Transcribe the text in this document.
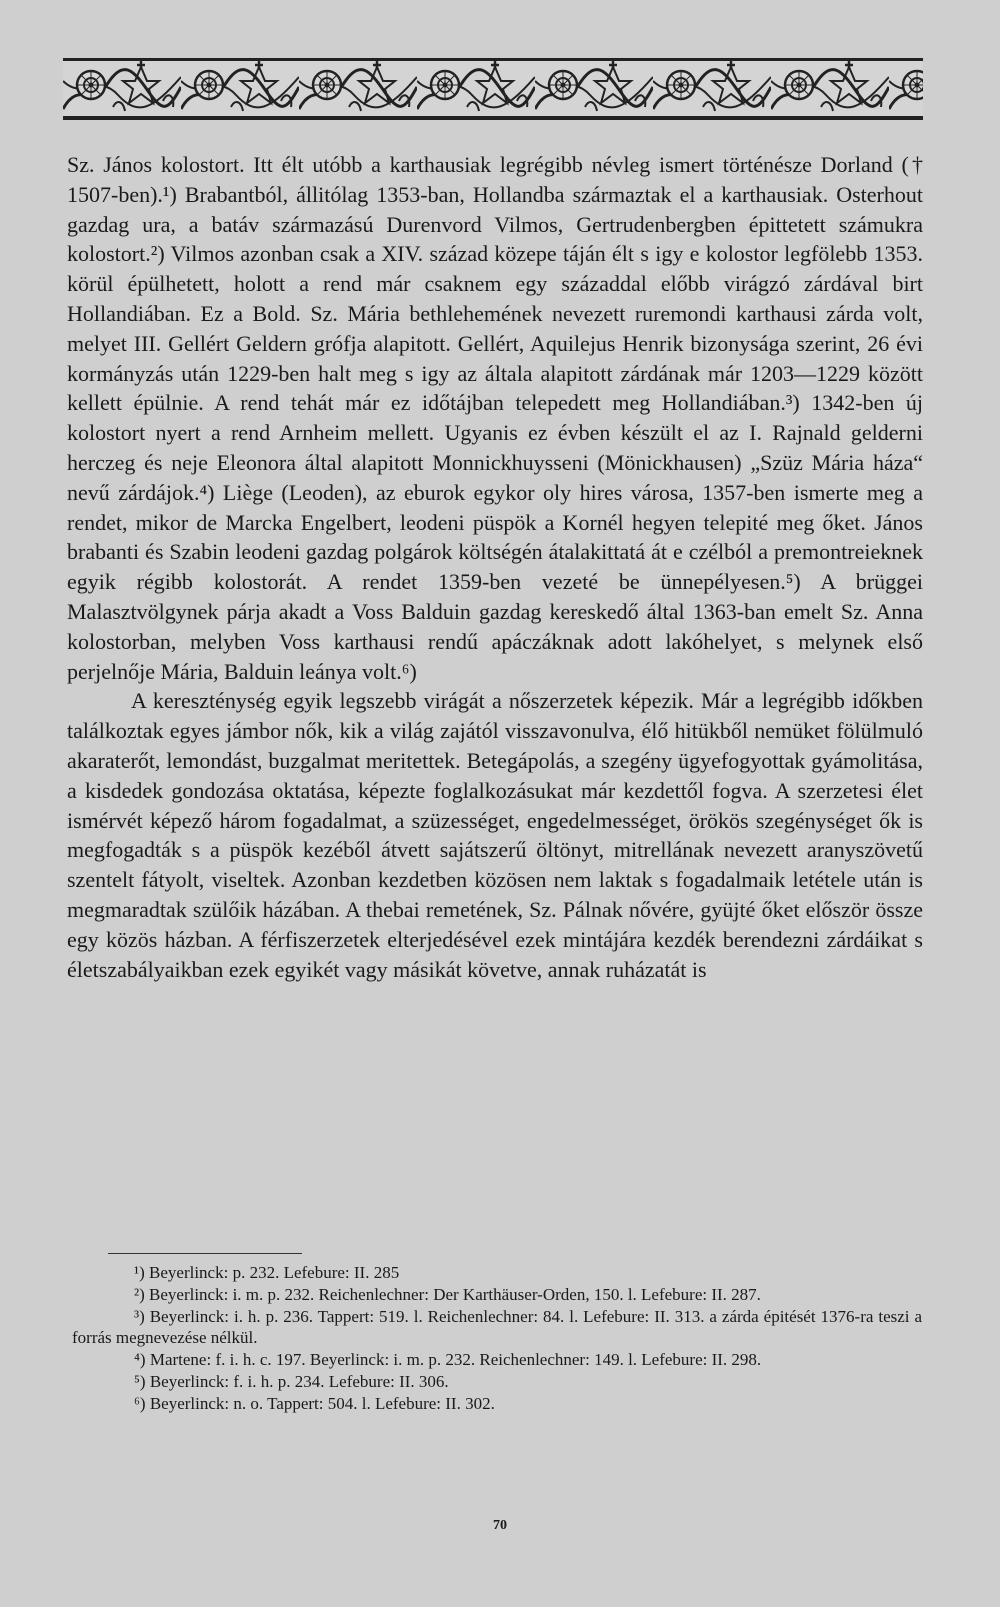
Sz. János kolostort. Itt élt utóbb a karthausiak legrégibb névleg ismert történésze Dorland († 1507-ben).¹) Brabantból, állitólag 1353-ban, Hollandba származtak el a karthausiak. Osterhout gazdag ura, a batáv származású Durenvord Vilmos, Gertrudenbergben épittetett számukra kolostort.²) Vilmos azonban csak a XIV. század közepe táján élt s igy e kolostor legfölebb 1353. körül épülhetett, holott a rend már csaknem egy századdal előbb virágzó zárdával birt Hollandiában. Ez a Bold. Sz. Mária bethlehemének nevezett ruremondi karthausi zárda volt, melyet III. Gellért Geldern grófja alapitott. Gellért, Aquilejus Henrik bizonysága szerint, 26 évi kormányzás után 1229-ben halt meg s igy az általa alapitott zárdának már 1203—1229 között kellett épülnie. A rend tehát már ez időtájban telepedett meg Hollandiában.³) 1342-ben új kolostort nyert a rend Arnheim mellett. Ugyanis ez évben készült el az I. Rajnald gelderni herczeg és neje Eleonora által alapitott Monnickhuysseni (Mönickhausen) „Szüz Mária háza“ nevű zárdájok.⁴) Liège (Leoden), az eburok egykor oly hires városa, 1357-ben ismerte meg a rendet, mikor de Marcka Engelbert, leodeni püspök a Kornél hegyen telepité meg őket. János brabanti és Szabin leodeni gazdag polgárok költségén átalakittatá át e czélból a premontreieknek egyik régibb kolostorát. A rendet 1359-ben vezeté be ünnepélyesen.⁵) A brüggei Malasztvölgynek párja akadt a Voss Balduin gazdag kereskedő által 1363-ban emelt Sz. Anna kolostorban, melyben Voss karthausi rendű apáczáknak adott lakóhelyet, s melynek első perjelnője Mária, Balduin leánya volt.⁶)

A kereszténység egyik legszebb virágát a nőszerzetek képezik. Már a legrégibb időkben találkoztak egyes jámbor nők, kik a világ zajától visszavonulva, élő hitükből nemüket fölülmuló akaraterőt, lemondást, buzgalmat meritettek. Betegápolás, a szegény ügyefogyottak gyámolitása, a kisdedek gondozása oktatása, képezte foglalkozásukat már kezdettől fogva. A szerzetesi élet ismérvét képező három fogadalmat, a szüzességet, engedelmességet, örökös szegénységet ők is megfogadták s a püspök kezéből átvett sajátszerű öltönyt, mitrellának nevezett aranyszövetű szentelt fátyolt, viseltek. Azonban kezdetben közösen nem laktak s fogadalmaik letétele után is megmaradtak szülőik házában. A thebai remetének, Sz. Pálnak nővére, gyüjté őket először össze egy közös házban. A férfiszerzetek elterjedésével ezek mintájára kezdék berendezni zárdáikat s életszabályaikban ezek egyikét vagy másikát követve, annak ruházatát is

¹) Beyerlinck: p. 232. Lefebure: II. 285

²) Beyerlinck: i. m. p. 232. Reichenlechner: Der Karthäuser-Orden, 150. l. Lefebure: II. 287.

³) Beyerlinck: i. h. p. 236. Tappert: 519. l. Reichenlechner: 84. l. Lefebure: II. 313. a zárda épitését 1376-ra teszi a forrás megnevezése nélkül.

⁴) Martene: f. i. h. c. 197. Beyerlinck: i. m. p. 232. Reichenlechner: 149. l. Lefebure: II. 298.

⁵) Beyerlinck: f. i. h. p. 234. Lefebure: II. 306.

⁶) Beyerlinck: n. o. Tappert: 504. l. Lefebure: II. 302.

70
